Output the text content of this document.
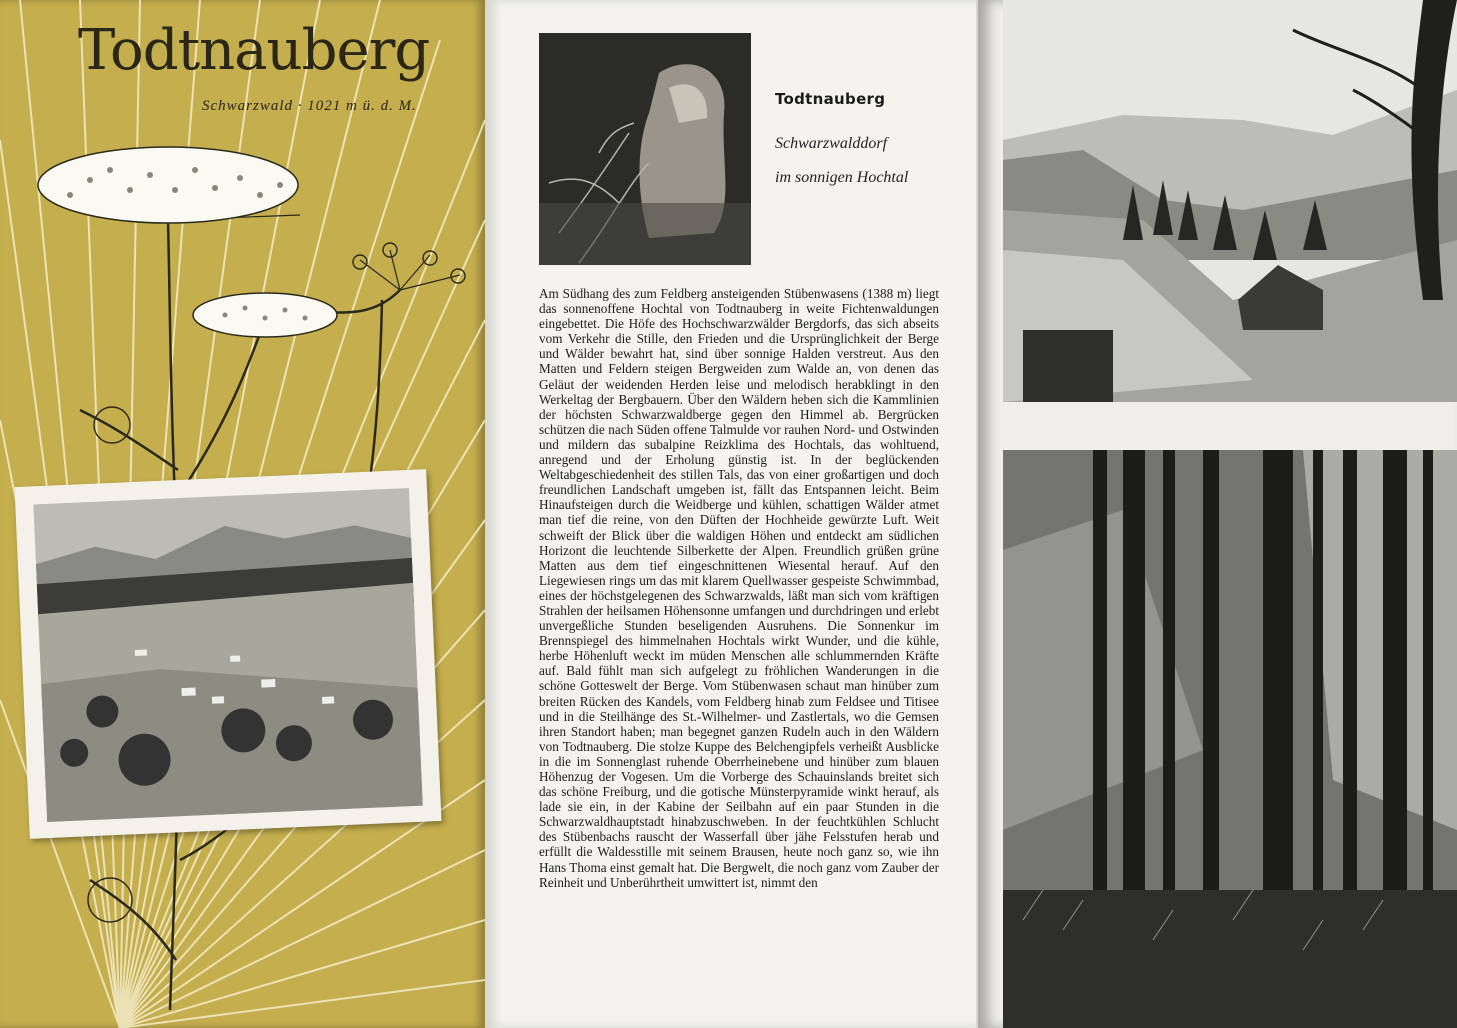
Todtnauberg
Schwarzwald · 1021 m ü. d. M.	Todtnauberg
Schwarzwalddorf
im sonnigen Hochtal
Am Südhang des zum Feldberg ansteigenden Stübenwasens (1388 m) liegt das sonnenoffene Hochtal von Todtnauberg in weite Fichtenwaldungen eingebettet. Die Höfe des Hochschwarzwälder Bergdorfs, das sich abseits vom Verkehr die Stille, den Frieden und die Ursprünglichkeit der Berge und Wälder bewahrt hat, sind über sonnige Halden verstreut. Aus den Matten und Feldern steigen Bergweiden zum Walde an, von denen das Geläut der weidenden Herden leise und melodisch herabklingt in den Werkeltag der Bergbauern. Über den Wäldern heben sich die Kammlinien der höchsten Schwarzwaldberge gegen den Himmel ab. Bergrücken schützen die nach Süden offene Talmulde vor rauhen Nord- und Ostwinden und mildern das subalpine Reizklima des Hochtals, das wohltuend, anregend und der Erholung günstig ist. In der beglückenden Weltabgeschiedenheit des stillen Tals, das von einer großartigen und doch freundlichen Landschaft umgeben ist, fällt das Entspannen leicht. Beim Hinaufsteigen durch die Weidberge und kühlen, schattigen Wälder atmet man tief die reine, von den Düften der Hochheide gewürzte Luft. Weit schweift der Blick über die waldigen Höhen und entdeckt am südlichen Horizont die leuchtende Silberkette der Alpen. Freundlich grüßen grüne Matten aus dem tief eingeschnittenen Wiesental herauf. Auf den Liegewiesen rings um das mit klarem Quellwasser gespeiste Schwimmbad, eines der höchstgelegenen des Schwarzwalds, läßt man sich vom kräftigen Strahlen der heilsamen Höhensonne umfangen und durchdringen und erlebt unvergeßliche Stunden beseligenden Ausruhens. Die Sonnenkur im Brennspiegel des himmelnahen Hochtals wirkt Wunder, und die kühle, herbe Höhenluft weckt im müden Menschen alle schlummernden Kräfte auf. Bald fühlt man sich aufgelegt zu fröhlichen Wanderungen in die schöne Gotteswelt der Berge. Vom Stübenwasen schaut man hinüber zum breiten Rücken des Kandels, vom Feldberg hinab zum Feldsee und Titisee und in die Steilhänge des St.-Wilhelmer- und Zastlertals, wo die Gemsen ihren Standort haben; man begegnet ganzen Rudeln auch in den Wäldern von Todtnauberg. Die stolze Kuppe des Belchengipfels verheißt Ausblicke in die im Sonnenglast ruhende Oberrheinebene und hinüber zum blauen Höhenzug der Vogesen. Um die Vorberge des Schauinslands breitet sich das schöne Freiburg, und die gotische Münsterpyramide winkt herauf, als lade sie ein, in der Kabine der Seilbahn auf ein paar Stunden in die Schwarzwaldhauptstadt hinabzuschweben. In der feuchtkühlen Schlucht des Stübenbachs rauscht der Wasserfall über jähe Felsstufen herab und erfüllt die Waldesstille mit seinem Brausen, heute noch ganz so, wie ihn Hans Thoma einst gemalt hat. Die Bergwelt, die noch ganz vom Zauber der Reinheit und Unberührtheit umwittert ist, nimmt den
